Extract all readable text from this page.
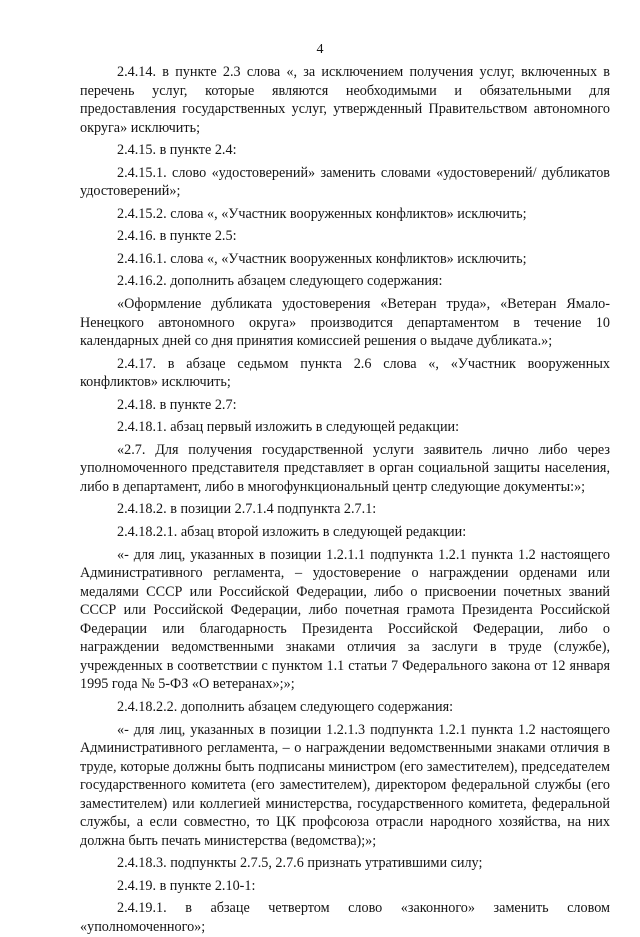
4

2.4.14. в пункте 2.3 слова «, за исключением получения услуг, включенных в перечень услуг, которые являются необходимыми и обязательными для предоставления государственных услуг, утвержденный Правительством автономного округа» исключить;

2.4.15. в пункте 2.4:

2.4.15.1. слово «удостоверений» заменить словами «удостоверений/ дубликатов удостоверений»;

2.4.15.2. слова «, «Участник вооруженных конфликтов» исключить;

2.4.16. в пункте 2.5:

2.4.16.1. слова «, «Участник вооруженных конфликтов» исключить;

2.4.16.2. дополнить абзацем следующего содержания:

«Оформление дубликата удостоверения «Ветеран труда», «Ветеран Ямало-Ненецкого автономного округа» производится департаментом в течение 10 календарных дней со дня принятия комиссией решения о выдаче дубликата.»;

2.4.17. в абзаце седьмом пункта 2.6 слова «, «Участник вооруженных конфликтов» исключить;

2.4.18. в пункте 2.7:

2.4.18.1. абзац первый изложить в следующей редакции:

«2.7. Для получения государственной услуги заявитель лично либо через уполномоченного представителя представляет в орган социальной защиты населения, либо в департамент, либо в многофункциональный центр следующие документы:»;

2.4.18.2. в позиции 2.7.1.4 подпункта 2.7.1:

2.4.18.2.1. абзац второй изложить в следующей редакции:

«- для лиц, указанных в позиции 1.2.1.1 подпункта 1.2.1 пункта 1.2 настоящего Административного регламента, – удостоверение о награждении орденами или медалями СССР или Российской Федерации, либо о присвоении почетных званий СССР или Российской Федерации, либо почетная грамота Президента Российской Федерации или благодарность Президента Российской Федерации, либо о награждении ведомственными знаками отличия за заслуги в труде (службе), учрежденных в соответствии с пунктом 1.1 статьи 7 Федерального закона от 12 января 1995 года № 5-ФЗ «О ветеранах»;»;

2.4.18.2.2. дополнить абзацем следующего содержания:

«- для лиц, указанных в позиции 1.2.1.3 подпункта 1.2.1 пункта 1.2 настоящего Административного регламента, – о награждении ведомственными знаками отличия в труде, которые должны быть подписаны министром (его заместителем), председателем государственного комитета (его заместителем), директором федеральной службы (его заместителем) или коллегией министерства, государственного комитета, федеральной службы, а если совместно, то ЦК профсоюза отрасли народного хозяйства, на них должна быть печать министерства (ведомства);»;

2.4.18.3. подпункты 2.7.5, 2.7.6 признать утратившими силу;

2.4.19. в пункте 2.10-1:

2.4.19.1. в абзаце четвертом слово «законного» заменить словом «уполномоченного»;
